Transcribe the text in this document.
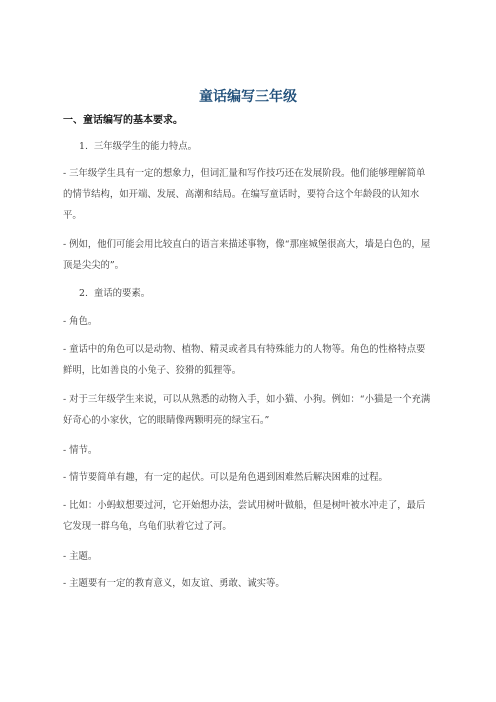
童话编写三年级
一、童话编写的基本要求。
1.  三年级学生的能力特点。
- 三年级学生具有一定的想象力，但词汇量和写作技巧还在发展阶段。他们能够理解简单的情节结构，如开端、发展、高潮和结局。在编写童话时，要符合这个年龄段的认知水平。
- 例如，他们可能会用比较直白的语言来描述事物，像“那座城堡很高大，墙是白色的，屋顶是尖尖的”。
2.  童话的要素。
- 角色。
- 童话中的角色可以是动物、植物、精灵或者具有特殊能力的人物等。角色的性格特点要鲜明，比如善良的小兔子、狡猾的狐狸等。
- 对于三年级学生来说，可以从熟悉的动物入手，如小猫、小狗。例如：“小猫是一个充满好奇心的小家伙，它的眼睛像两颗明亮的绿宝石。”
- 情节。
- 情节要简单有趣，有一定的起伏。可以是角色遇到困难然后解决困难的过程。
- 比如：小蚂蚁想要过河，它开始想办法，尝试用树叶做船，但是树叶被水冲走了，最后它发现一群乌龟，乌龟们驮着它过了河。
- 主题。
- 主题要有一定的教育意义，如友谊、勇敢、诚实等。
